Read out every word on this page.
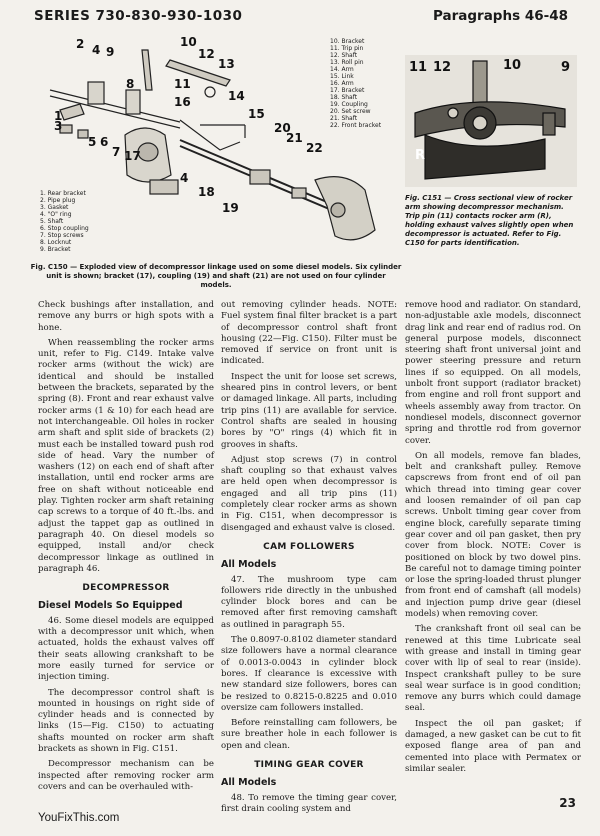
SERIES 730-830-930-1030	Paragraphs 46-48
2 4 9
10
12
13
11
8
1
3
5 6
7
16	14
15
17
4
18
20
21
22
19
1. Rear bracket
2. Pipe plug
3. Gasket
4. "O" ring
5. Shaft
6. Stop coupling
7. Stop screws
8. Locknut
9. Bracket
10. Bracket
11. Trip pin
12. Shaft
13. Roll pin
14. Arm
15. Link
16. Arm
17. Bracket
18. Shaft
19. Coupling
20. Set screw
21. Shaft
22. Front bracket
Fig. C150 — Exploded view of decompressor linkage used on some diesel models. Six cylinder unit is shown; bracket (17), coupling (19) and shaft (21) are not used on four cylinder models.
11 12	10	9
R
Fig. C151 — Cross sectional view of rocker arm showing decompressor mechanism. Trip pin (11) contacts rocker arm (R), holding exhaust valves slightly open when decompressor is actuated. Refer to Fig. C150 for parts identification.

Check bushings after installation, and remove any burrs or high spots with a hone.

When reassembling the rocker arms unit, refer to Fig. C149. Intake valve rocker arms (without the wick) are identical and should be installed between the brackets, separated by the spring (8). Front and rear exhaust valve rocker arms (1 & 10) for each head are not interchangeable. Oil holes in rocker arm shaft and split side of brackets (2) must each be installed toward push rod side of head. Vary the number of washers (12) on each end of shaft after installation, until end rocker arms are free on shaft without noticeable end play. Tighten rocker arm shaft retaining cap screws to a torque of 40 ft.-lbs. and adjust the tappet gap as outlined in paragraph 40. On diesel models so equipped, install and/or check decompressor linkage as outlined in paragraph 46.

DECOMPRESSOR
Diesel Models So Equipped

46. Some diesel models are equipped with a decompressor unit which, when actuated, holds the exhaust valves off their seats allowing crankshaft to be more easily turned for service or injection timing.

The decompressor control shaft is mounted in housings on right side of cylinder heads and is connected by links (15—Fig. C150) to actuating shafts mounted on rocker arm shaft brackets as shown in Fig. C151.

Decompressor mechanism can be inspected after removing rocker arm covers and can be overhauled with-

out removing cylinder heads. NOTE: Fuel system final filter bracket is a part of decompressor control shaft front housing (22—Fig. C150). Filter must be removed if service on front unit is indicated.

Inspect the unit for loose set screws, sheared pins in control levers, or bent or damaged linkage. All parts, including trip pins (11) are available for service. Control shafts are sealed in housing bores by "O" rings (4) which fit in grooves in shafts.

Adjust stop screws (7) in control shaft coupling so that exhaust valves are held open when decompressor is engaged and all trip pins (11) completely clear rocker arms as shown in Fig. C151, when decompressor is disengaged and exhaust valve is closed.

CAM FOLLOWERS
All Models

47. The mushroom type cam followers ride directly in the unbushed cylinder block bores and can be removed after first removing camshaft as outlined in paragraph 55.

The 0.8097-0.8102 diameter standard size followers have a normal clearance of 0.0013-0.0043 in cylinder block bores. If clearance is excessive with new standard size followers, bores can be resized to 0.8215-0.8225 and 0.010 oversize cam followers installed.

Before reinstalling cam followers, be sure breather hole in each follower is open and clean.

TIMING GEAR COVER
All Models

48. To remove the timing gear cover, first drain cooling system and

remove hood and radiator. On standard, non-adjustable axle models, disconnect drag link and rear end of radius rod. On general purpose models, disconnect steering shaft front universal joint and power steering pressure and return lines if so equipped. On all models, unbolt front support (radiator bracket) from engine and roll front support and wheels assembly away from tractor. On nondiesel models, disconnect governor spring and throttle rod from governor cover.

On all models, remove fan blades, belt and crankshaft pulley. Remove capscrews from front end of oil pan which thread into timing gear cover and loosen remainder of oil pan cap screws. Unbolt timing gear cover from engine block, carefully separate timing gear cover and oil pan gasket, then pry cover from block. NOTE: Cover is positioned on block by two dowel pins. Be careful not to damage timing pointer or lose the spring-loaded thrust plunger from front end of camshaft (all models) and injection pump drive gear (diesel models) when removing cover.

The crankshaft front oil seal can be renewed at this time Lubricate seal with grease and install in timing gear cover with lip of seal to rear (inside). Inspect crankshaft pulley to be sure seal wear surface is in good condition; remove any burrs which could damage seal.

Inspect the oil pan gasket; if damaged, a new gasket can be cut to fit exposed flange area of pan and cemented into place with Permatex or similar sealer.

YouFixThis.com
23
